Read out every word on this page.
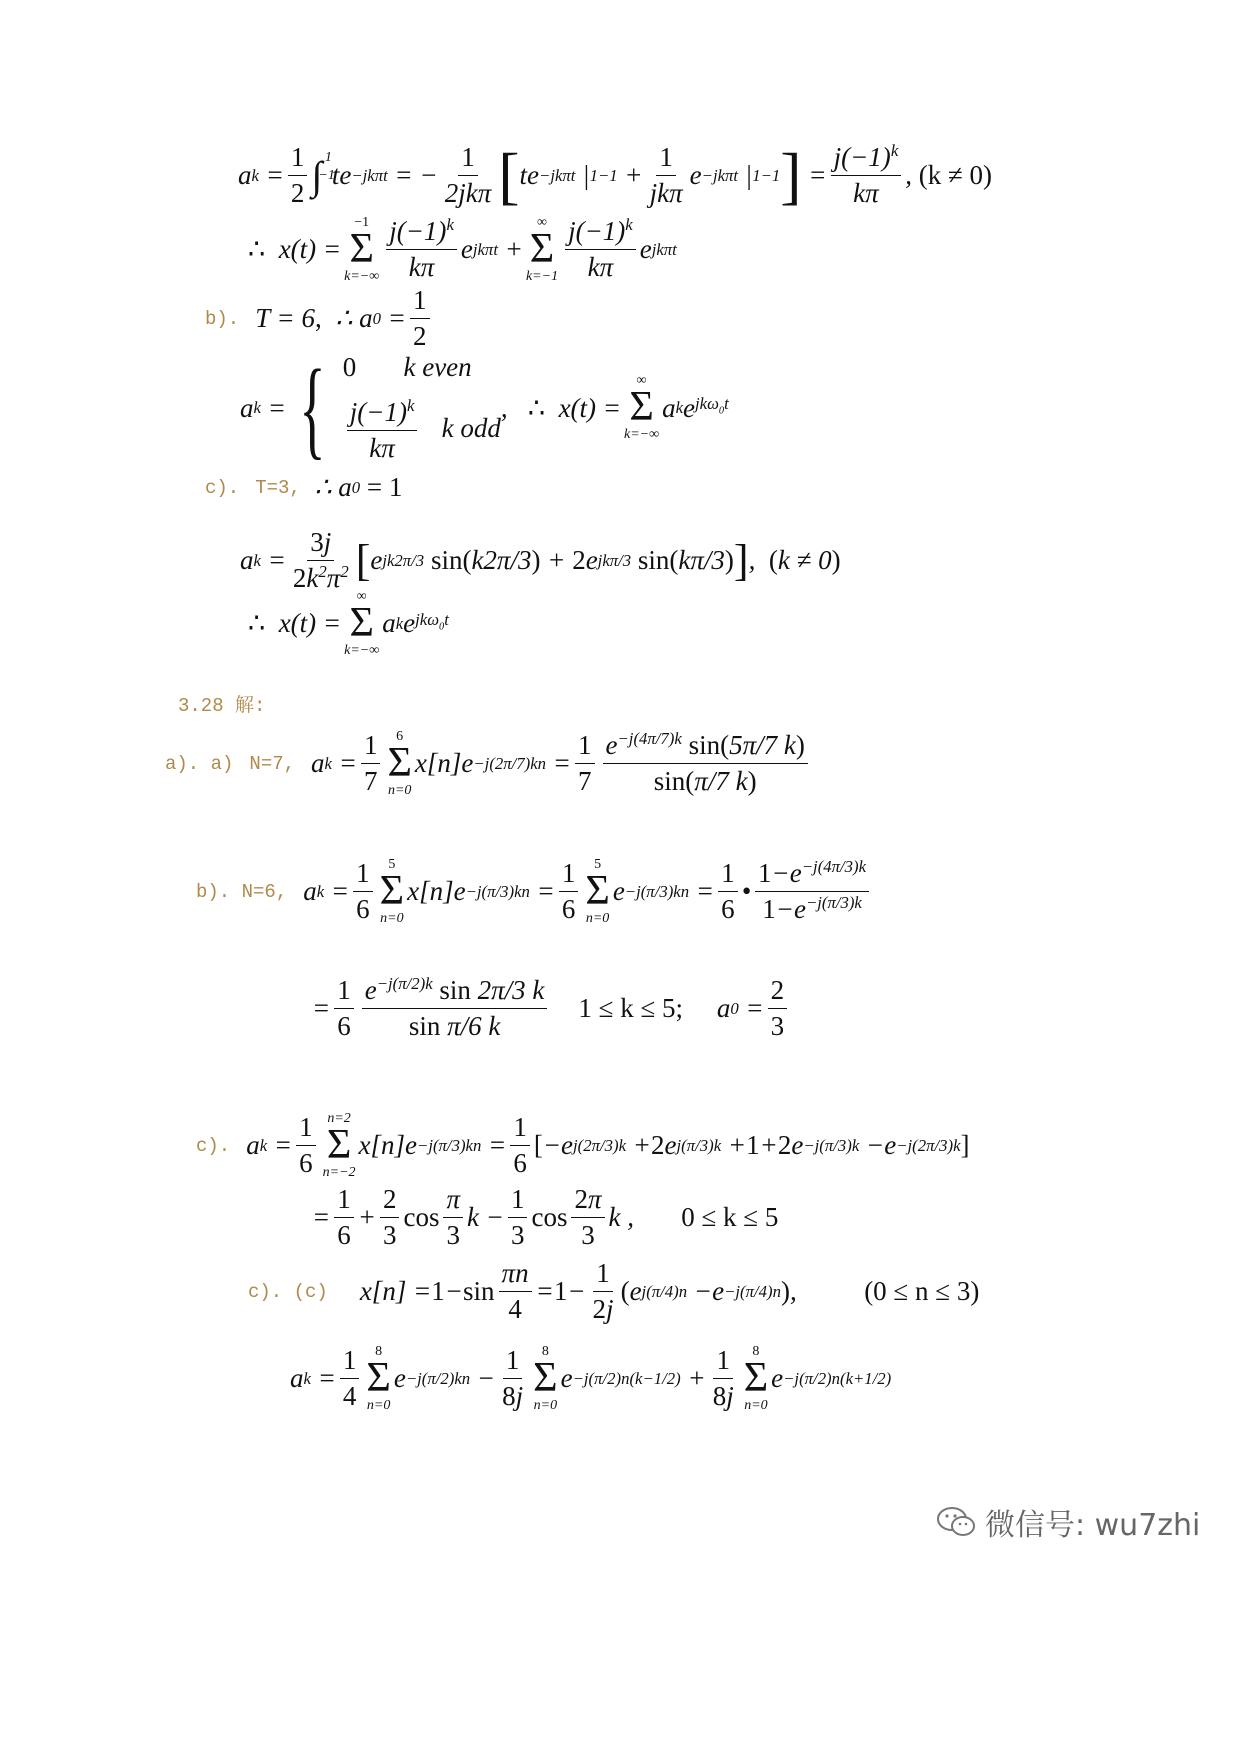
a $k = \frac{1}{2}$ ∫
−1
$^1$
te −jkπt = − $\frac{1}{\text{2jkπ}}$ [ te −jkπt | $1 -1 + \frac{1}{\text{jkπ}}$ e −jkπt | 1 −1 ] = $\frac{j(-1)^k}{k\pi}$ , (k ≠ 0)
∴ x(t) =
−1
Σ
$k=-\infty \frac{j(-1)^k}{k\pi}$ e jkπt +
∞
Σ
$k=-1 \frac{j(-1)^k}{k\pi}$ e jkπt
b). T = 6 ,
∴ a $0 = \frac{1}{2}$
a k = { 0 k even
$\frac{j(-1)^k}{k\pi}$ k odd
, ∴ x(t) =
∞
Σ
k=−∞
a k e jkω$_0$t
c). T=3,
∴ a 0
= 1
a $k = \frac{3j}{2k^2\pi^2}$ [ e jk2π/3
sin( k2π/3 ) + 2 e jkπ/3
sin( kπ/3 ) ] , ( k ≠ 0 )
∴ x(t) =
∞
Σ
k=−∞
a k e jkω$_0$t
3.28 解:
a). a) N=7, a $k = \frac{1}{7} 6$
Σ
n=0
$x[n]e -j(2\pi/7)kn = \frac{1}{7} \frac{e^{-j(4\pi/7)k} \sin(5\pi/7 k)}{\sin(\pi/7 k)}$
b). N=6, a $k = \frac{1}{6} 5$
Σ
n=0
$x[n]e -j(\pi/3)kn = \frac{1}{6} 5$
Σ
n=0
$e -j(\pi/3)kn = \frac{1}{6}$ • $\frac{1-e^{-j(4\pi/3)k}}{1-e^{-j(\pi/3)k}}$
= $\frac{1}{6} \frac{e^{-j(\pi/2)k} \sin 2\pi/3 k}{\text{sin π/6 k}}$
1 ≤ k ≤ 5; a $0 = \frac{2}{3}$
c). a $k = \frac{1}{6} n=2$
Σ
n=−2
$x[n]e -j(\pi/3)kn = \frac{1}{6}$ [ −e j(2π/3)k + 2 e j(π/3)k + 1 + 2 e −j(π/3)k −e −j(2π/3)k ]
= $\frac{1}{6} + \frac{2}{3}$ $\cos \frac{\pi}{3}$ $k - \frac{1}{3}$ $\cos \frac{2\pi}{3}$ k , 0 ≤ k ≤ 5
c). (c) $x[n] = 1 - \sin \frac{\pi n}{4} = 1 - \frac{1}{2j}$ ( e j(π/4)n −e −j(π/4)n ) , (0 ≤ n ≤ 3)
a $k = \frac{1}{4} 8$
Σ
n=0
$e -j(\pi/2)kn - \frac{1}{8j} 8$
Σ
n=0
$e -j(\pi/2)n(k-1/2) + \frac{1}{8j} 8$
Σ
n=0
e −j(π/2)n(k+1/2)
微信号: wu7zhi
